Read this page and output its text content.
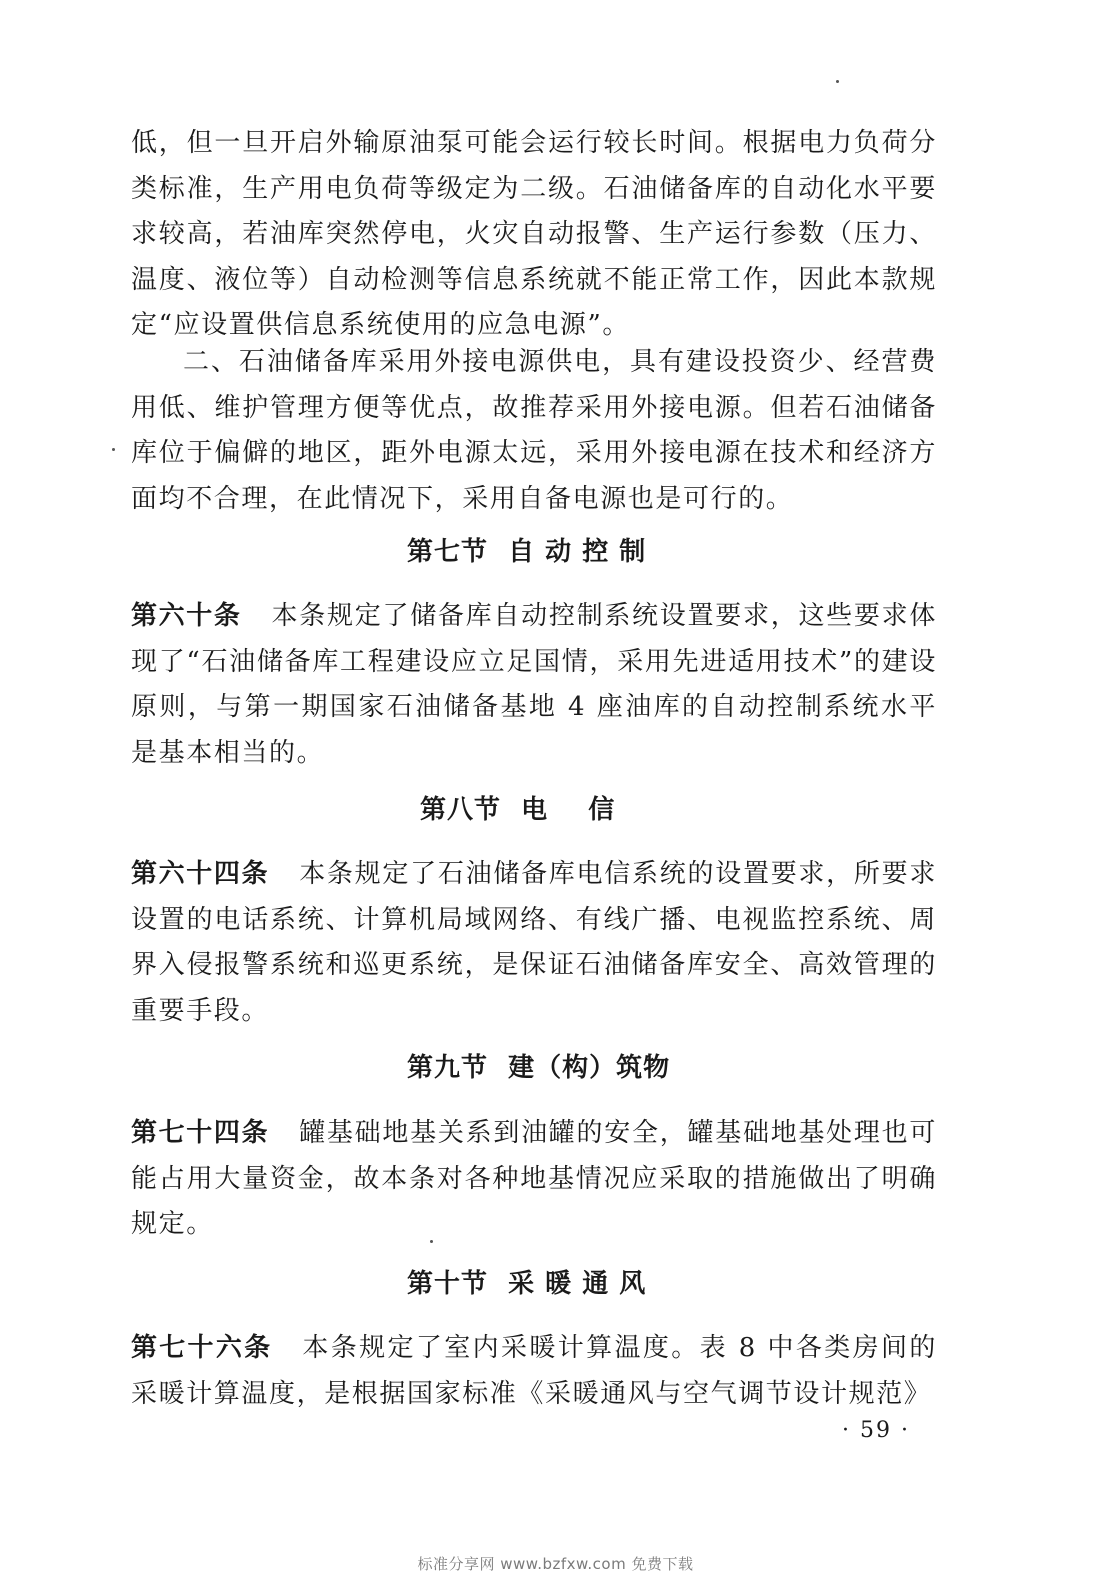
低，但一旦开启外输原油泵可能会运行较长时间。根据电力负荷分类标准，生产用电负荷等级定为二级。石油储备库的自动化水平要求较高，若油库突然停电，火灾自动报警、生产运行参数（压力、温度、液位等）自动检测等信息系统就不能正常工作，因此本款规定“应设置供信息系统使用的应急电源”。

二、石油储备库采用外接电源供电，具有建设投资少、经营费用低、维护管理方便等优点，故推荐采用外接电源。但若石油储备库位于偏僻的地区，距外电源太远，采用外接电源在技术和经济方面均不合理，在此情况下，采用自备电源也是可行的。

第七节  自 动 控 制

第六十条 本条规定了储备库自动控制系统设置要求，这些要求体现了“石油储备库工程建设应立足国情，采用先进适用技术”的建设原则，与第一期国家石油储备基地 4 座油库的自动控制系统水平是基本相当的。

第八节  电    信

第六十四条 本条规定了石油储备库电信系统的设置要求，所要求设置的电话系统、计算机局域网络、有线广播、电视监控系统、周界入侵报警系统和巡更系统，是保证石油储备库安全、高效管理的重要手段。

第九节  建（构）筑物

第七十四条 罐基础地基关系到油罐的安全，罐基础地基处理也可能占用大量资金，故本条对各种地基情况应采取的措施做出了明确规定。

第十节  采 暖 通 风

第七十六条 本条规定了室内采暖计算温度。表 8 中各类房间的采暖计算温度，是根据国家标准《采暖通风与空气调节设计规范》

· 59 ·
标准分享网 www.bzfxw.com 免费下载
